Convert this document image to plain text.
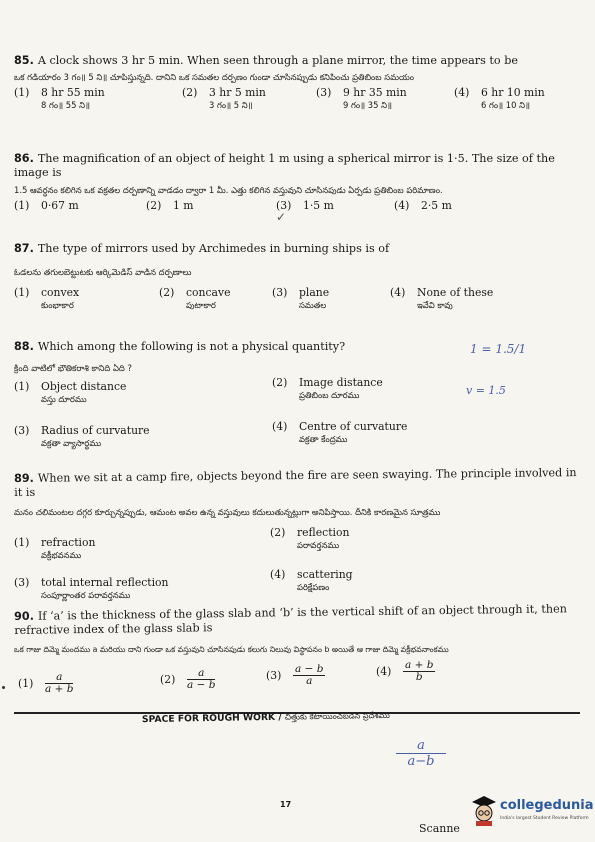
85. A clock shows 3 hr 5 min. When seen through a plane mirror, the time appears to be
ఒక గడియారం 3 గం॥ 5 ని॥ చూపిస్తున్నది. దానిని ఒక సమతల దర్పణం గుండా చూసినప్పుడు కనిపించు ప్రతిబింబ సమయం
(1) 8 hr 55 min
8 గం॥ 55 ని॥
(2) 3 hr 5 min
3 గం॥ 5 ని॥
(3) 9 hr 35 min
9 గం॥ 35 ని॥
(4) 6 hr 10 min
6 గం॥ 10 ని॥
86. The magnification of an object of height 1 m using a spherical mirror is 1·5. The size of the image is
1.5 ఆవర్ధనం కలిగిన ఒక వక్రతల దర్పణాన్ని వాడడం ద్వారా 1 మీ. ఎత్తు కలిగిన వస్తువుని చూసినపుడు ఏర్పడు ప్రతిబింబ పరిమాణం.
(1) 0·67 m	(2) 1 m	(3) 1·5 m	(4) 2·5 m
87. The type of mirrors used by Archimedes in burning ships is of
ఓడలను తగులబెట్టుటకు ఆర్కిమెడిస్ వాడిన దర్పణాలు
(1) convex
కుంభాకార
(2) concave
పుటాకార
(3) plane
సమతల
(4) None of these
ఇవేవి కావు
88. Which among the following is not a physical quantity?
క్రింది వాటిలో భౌతికరాశి కానిది ఏది ?
(1) Object distance
వస్తు దూరము
(2) Image distance
ప్రతిబింబ దూరము
(3) Radius of curvature
వక్రతా వ్యాసార్థము
(4) Centre of curvature
వక్రతా కేంద్రము
89. When we sit at a camp fire, objects beyond the fire are seen swaying. The principle involved in it is
మనం చలిమంటల దగ్గర కూర్చున్నప్పుడు, ఆమంట అవల ఉన్న వస్తువులు కదులుతున్నట్లుగా అనిపిస్తాయి. దీనికి కారణమైన సూత్రము
(1) refraction
వక్రీభవనము
(2) reflection
పరావర్తనము
(3) total internal reflection
సంపూర్ణాంతర పరావర్తనము
(4) scattering
పరిక్షేపణం
90. If ‘a’ is the thickness of the glass slab and ‘b’ is the vertical shift of an object through it, then refractive index of the glass slab is
ఒక గాజు దిమ్మె మందము a మరియు దాని గుండా ఒక వస్తువుని చూసినపుడు కలుగు నిలువు విస్థాపనం b అయితే ఆ గాజు దిమ్మె వక్రీభవనాంకము
$(1) \frac{a}{a + b}$	$(2) \frac{a}{a - b}$	$(3) \frac{a - b}{a}$	$(4) \frac{a + b}{b}$
SPACE FOR ROUGH WORK / చిత్తుకు కేటాయించబడిన ప్రదేశము
1 = 1.5/1
v = 1.5
a
a−b
✓
17
Scanne
collegedunia
India's largest Student Review Platform
